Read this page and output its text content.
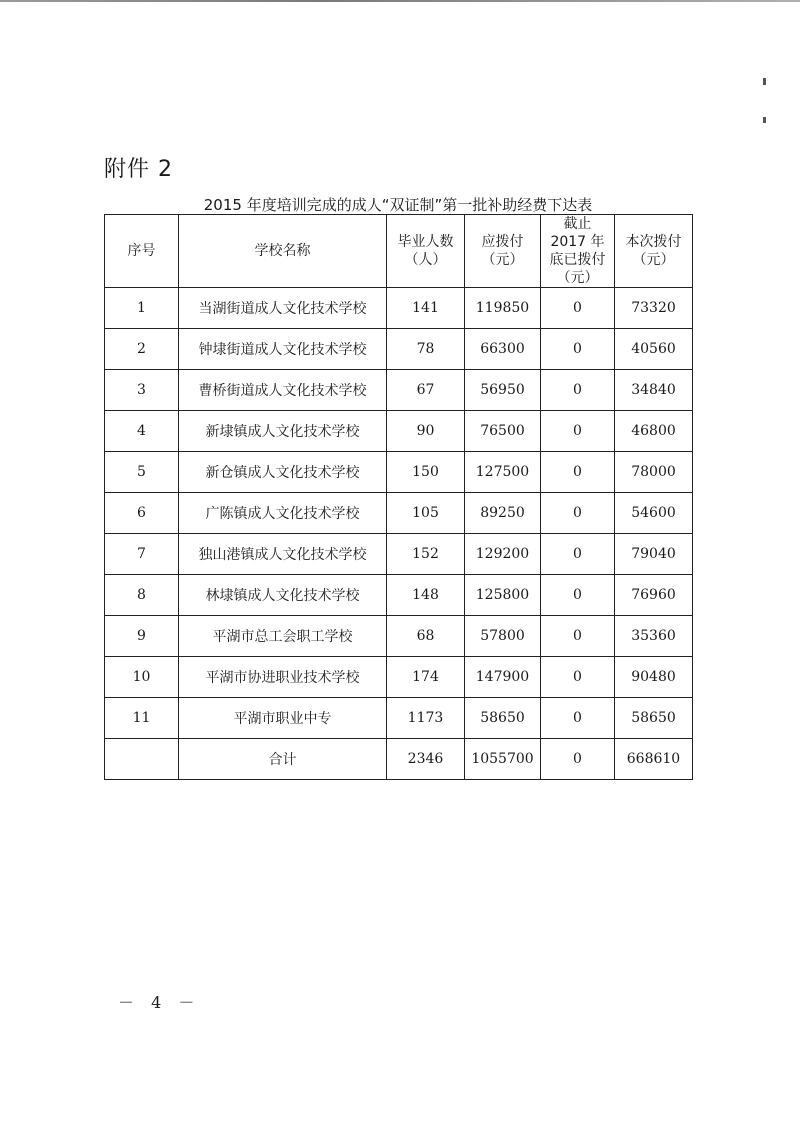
附件 2
2015 年度培训完成的成人“双证制”第一批补助经费下达表
序号	学校名称	毕业人数（人）	应拨付（元）	截止 2017 年底已拨付（元）	本次拨付（元）
1	当湖街道成人文化技术学校	141	119850	0	73320
2	钟埭街道成人文化技术学校	78	66300	0	40560
3	曹桥街道成人文化技术学校	67	56950	0	34840
4	新埭镇成人文化技术学校	90	76500	0	46800
5	新仓镇成人文化技术学校	150	127500	0	78000
6	广陈镇成人文化技术学校	105	89250	0	54600
7	独山港镇成人文化技术学校	152	129200	0	79040
8	林埭镇成人文化技术学校	148	125800	0	76960
9	平湖市总工会职工学校	68	57800	0	35360
10	平湖市协进职业技术学校	174	147900	0	90480
11	平湖市职业中专	1173	58650	0	58650
	合计	2346	1055700	0	668610
－ 4 －
